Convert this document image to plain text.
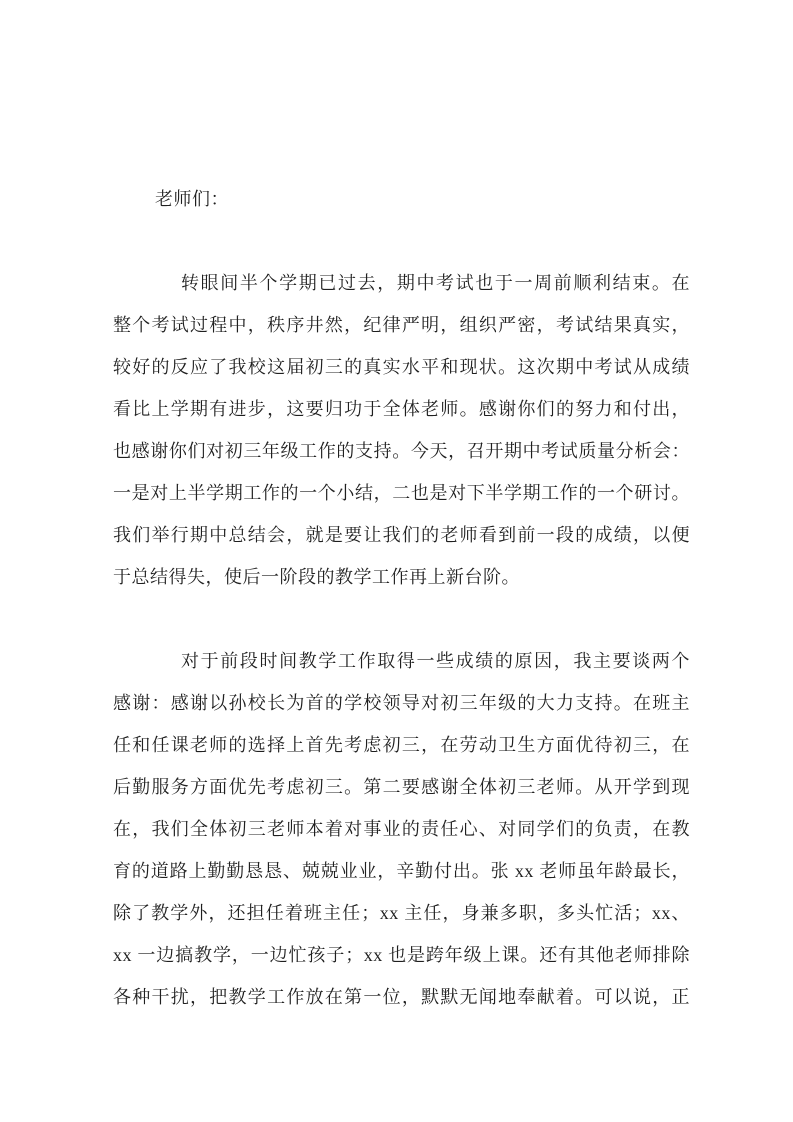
老师们：
转眼间半个学期已过去，期中考试也于一周前顺利结束。在
整个考试过程中，秩序井然，纪律严明，组织严密，考试结果真实，
较好的反应了我校这届初三的真实水平和现状。这次期中考试从成绩
看比上学期有进步，这要归功于全体老师。感谢你们的努力和付出，
也感谢你们对初三年级工作的支持。今天，召开期中考试质量分析会：
一是对上半学期工作的一个小结，二也是对下半学期工作的一个研讨。
我们举行期中总结会，就是要让我们的老师看到前一段的成绩，以便
于总结得失，使后一阶段的教学工作再上新台阶。
对于前段时间教学工作取得一些成绩的原因，我主要谈两个
感谢：感谢以孙校长为首的学校领导对初三年级的大力支持。在班主
任和任课老师的选择上首先考虑初三，在劳动卫生方面优待初三，在
后勤服务方面优先考虑初三。第二要感谢全体初三老师。从开学到现
在，我们全体初三老师本着对事业的责任心、对同学们的负责，在教
育的道路上勤勤恳恳、兢兢业业，辛勤付出。张 xx 老师虽年龄最长，
除了教学外，还担任着班主任；xx 主任，身兼多职，多头忙活；xx、
xx 一边搞教学，一边忙孩子；xx 也是跨年级上课。还有其他老师排除
各种干扰，把教学工作放在第一位，默默无闻地奉献着。可以说，正
